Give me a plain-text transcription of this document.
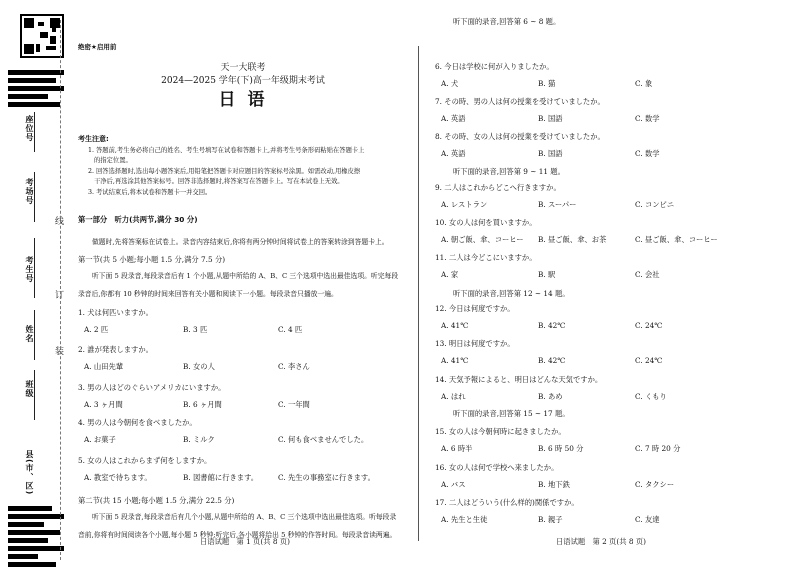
座位号
考场号
考生号
姓名
班级
县(市、区)
线
订
装
绝密★启用前
天一大联考
2024—2025 学年(下)高一年级期末考试
日 语
考生注意:
1. 答题前,考生务必将自己的姓名、考生号填写在试卷和答题卡上,并将考生号条形码粘贴在答题卡上
的指定位置。
2. 回答选择题时,选出每小题答案后,用铅笔把答题卡对应题目的答案标号涂黑。如需改动,用橡皮擦
干净后,再选涂其他答案标号。回答非选择题时,将答案写在答题卡上。写在本试卷上无效。
3. 考试结束后,将本试卷和答题卡一并交回。
第一部分　听力(共两节,满分 30 分)
做题时,先将答案标在试卷上。录音内容结束后,你将有两分钟时间将试卷上的答案转涂到答题卡上。
第一节(共 5 小题;每小题 1.5 分,满分 7.5 分)
听下面 5 段录音,每段录音后有 1 个小题,从题中所给的 A、B、C 三个选项中选出最佳选项。听完每段
录音后,你都有 10 秒钟的时间来回答有关小题和阅读下一小题。每段录音只播放一遍。
1. 犬は何匹いますか。
A. 2 匹	B. 3 匹	C. 4 匹
2. 誰が発表しますか。
A. 山田先輩	B. 女の人	C. 李さん
3. 男の人はどのぐらいアメリカにいますか。
A. 3 ヶ月間	B. 6 ヶ月間	C. 一年間
4. 男の人は今朝何を食べましたか。
A. お菓子	B. ミルク	C. 何も食べませんでした。
5. 女の人はこれからまず何をしますか。
A. 教室で待ちます。	B. 図書館に行きます。	C. 先生の事務室に行きます。
第二节(共 15 小题;每小题 1.5 分,满分 22.5 分)
听下面 5 段录音,每段录音后有几个小题,从题中所给的 A、B、C 三个选项中选出最佳选项。听每段录
音前,你将有时间阅读各个小题,每小题 5 秒钟;听完后,各小题将给出 5 秒钟的作答时间。每段录音读两遍。
日语试题　第 1 页(共 8 页)
听下面的录音,回答第 6 ~ 8 题。
6. 今日は学校に何が入りましたか。
A. 犬	B. 猫	C. 象
7. その時、男の人は何の授業を受けていましたか。
A. 英語	B. 国語	C. 数学
8. その時、女の人は何の授業を受けていましたか。
A. 英語	B. 国語	C. 数学
听下面的录音,回答第 9 ~ 11 题。
9. 二人はこれからどこへ行きますか。
A. レストラン	B. スーパー	C. コンビニ
10. 女の人は何を買いますか。
A. 朝ご飯、傘、コーヒー B. 昼ご飯、傘、お茶	C. 昼ご飯、傘、コーヒー
11. 二人は今どこにいますか。
A. 家	B. 駅	C. 会社
听下面的录音,回答第 12 ~ 14 题。
12. 今日は何度ですか。
A. 41℃	B. 42℃	C. 24℃
13. 明日は何度ですか。
A. 41℃	B. 42℃	C. 24℃
14. 天気予報によると、明日はどんな天気ですか。
A. はれ	B. あめ	C. くもり
听下面的录音,回答第 15 ~ 17 题。
15. 女の人は今朝何時に起きましたか。
A. 6 時半	B. 6 時 50 分	C. 7 時 20 分
16. 女の人は何で学校へ来ましたか。
A. バス	B. 地下鉄	C. タクシー
17. 二人はどういう(什么样的)関係ですか。
A. 先生と生徒	B. 親子	C. 友達
日语试题　第 2 页(共 8 页)
